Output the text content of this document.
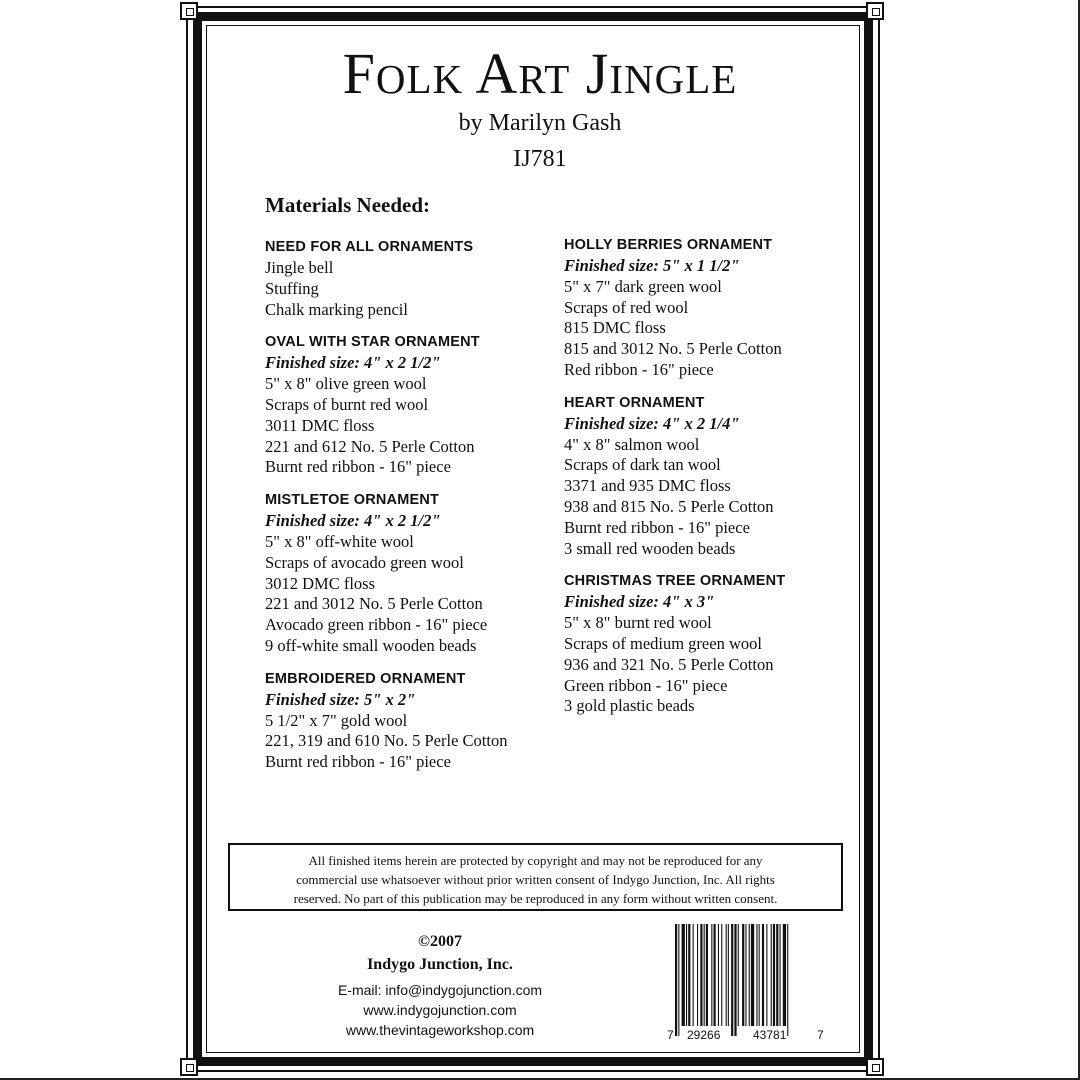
Folk Art Jingle
by Marilyn Gash
IJ781
Materials Needed:
NEED FOR ALL ORNAMENTS
Jingle bell
Stuffing
Chalk marking pencil
OVAL WITH STAR ORNAMENT
Finished size: 4" x 2 1/2"
5" x 8" olive green wool
Scraps of burnt red wool
3011 DMC floss
221 and 612 No. 5 Perle Cotton
Burnt red ribbon - 16" piece
MISTLETOE ORNAMENT
Finished size: 4" x 2 1/2"
5" x 8" off-white wool
Scraps of avocado green wool
3012 DMC floss
221 and 3012 No. 5 Perle Cotton
Avocado green ribbon - 16" piece
9 off-white small wooden beads
EMBROIDERED ORNAMENT
Finished size: 5" x 2"
5 1/2" x 7" gold wool
221, 319 and 610 No. 5 Perle Cotton
Burnt red ribbon - 16" piece
HOLLY BERRIES ORNAMENT
Finished size: 5" x 1 1/2"
5" x 7" dark green wool
Scraps of red wool
815 DMC floss
815 and 3012 No. 5 Perle Cotton
Red ribbon - 16" piece
HEART ORNAMENT
Finished size: 4" x 2 1/4"
4" x 8" salmon wool
Scraps of dark tan wool
3371 and 935 DMC floss
938 and 815 No. 5 Perle Cotton
Burnt red ribbon - 16" piece
3 small red wooden beads
CHRISTMAS TREE ORNAMENT
Finished size: 4" x 3"
5" x 8" burnt red wool
Scraps of medium green wool
936 and 321 No. 5 Perle Cotton
Green ribbon - 16" piece
3 gold plastic beads
All finished items herein are protected by copyright and may not be reproduced for any
commercial use whatsoever without prior written consent of Indygo Junction, Inc. All rights
reserved. No part of this publication may be reproduced in any form without written consent.
©2007
Indygo Junction, Inc.
E-mail: info@indygojunction.com
www.indygojunction.com
www.thevintageworkshop.com	7 29266	43781	7
